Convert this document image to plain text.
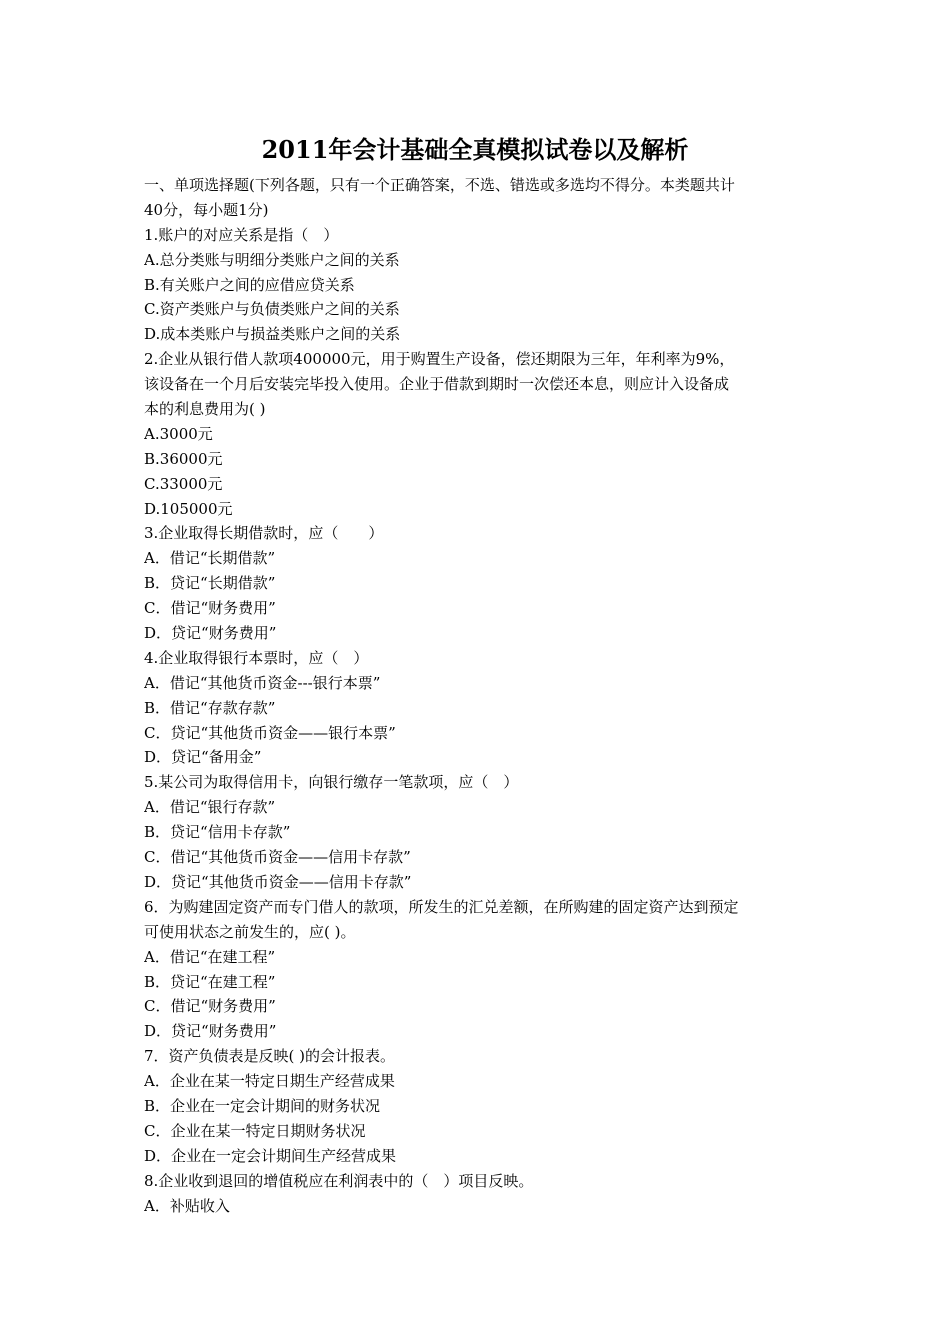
2011年会计基础全真模拟试卷以及解析
一、单项选择题(下列各题，只有一个正确答案，不选、错选或多选均不得分。本类题共计
40分，每小题1分)
1.账户的对应关系是指（　）
A.总分类账与明细分类账户之间的关系
B.有关账户之间的应借应贷关系
C.资产类账户与负债类账户之间的关系
D.成本类账户与损益类账户之间的关系
2.企业从银行借人款项400000元，用于购置生产设备，偿还期限为三年，年利率为9%，
该设备在一个月后安装完毕投入使用。企业于借款到期时一次偿还本息，则应计入设备成
本的利息费用为( )
A.3000元
B.36000元
C.33000元
D.105000元
3.企业取得长期借款时，应（　　）
A．借记“长期借款”
B．贷记“长期借款”
C．借记“财务费用”
D．贷记“财务费用”
4.企业取得银行本票时，应（　）
A．借记“其他货币资金---银行本票”
B．借记“存款存款”
C．贷记“其他货币资金——银行本票”
D．贷记“备用金”
5.某公司为取得信用卡，向银行缴存一笔款项，应（　）
A．借记“银行存款”
B．贷记“信用卡存款”
C．借记“其他货币资金——信用卡存款”
D．贷记“其他货币资金——信用卡存款”
6．为购建固定资产而专门借人的款项，所发生的汇兑差额，在所购建的固定资产达到预定
可使用状态之前发生的，应( )。
A．借记“在建工程”
B．贷记“在建工程”
C．借记“财务费用”
D．贷记“财务费用”
7．资产负债表是反映( )的会计报表。
A．企业在某一特定日期生产经营成果
B．企业在一定会计期间的财务状况
C．企业在某一特定日期财务状况
D．企业在一定会计期间生产经营成果
8.企业收到退回的增值税应在利润表中的（　）项目反映。
A．补贴收入
